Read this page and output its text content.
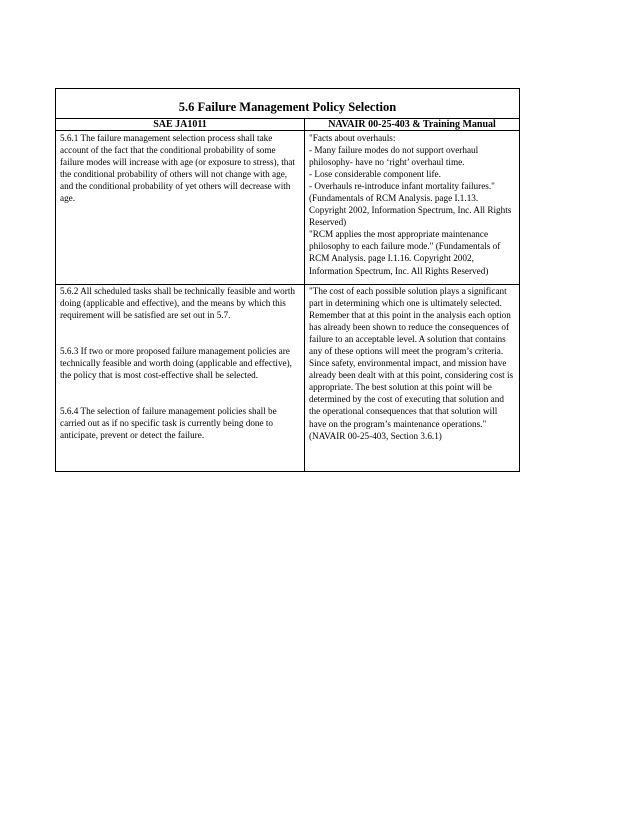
5.6 Failure Management Policy Selection
SAE JA1011	NAVAIR 00-25-403 & Training Manual

5.6.1 The failure management selection process shall take account of the fact that the conditional probability of some failure modes will increase with age (or exposure to stress), that the conditional probability of others will not change with age, and the conditional probability of yet others will decrease with age.

"Facts about overhauls:

- Many failure modes do not support overhaul philosophy- have no ‘right’ overhaul time.

- Lose considerable component life.

- Overhauls re-introduce infant mortality failures." (Fundamentals of RCM Analysis. page I.1.13. Copyright 2002, Information Spectrum, Inc. All Rights Reserved)

"RCM applies the most appropriate maintenance philosophy to each failure mode." (Fundamentals of RCM Analysis. page I.1.16. Copyright 2002, Information Spectrum, Inc. All Rights Reserved)

5.6.2 All scheduled tasks shall be technically feasible and worth doing (applicable and effective), and the means by which this requirement will be satisfied are set out in 5.7.

5.6.3 If two or more proposed failure management policies are technically feasible and worth doing (applicable and effective), the policy that is most cost-effective shall be selected.

5.6.4 The selection of failure management policies shall be carried out as if no specific task is currently being done to anticipate, prevent or detect the failure.

"The cost of each possible solution plays a significant part in determining which one is ultimately selected. Remember that at this point in the analysis each option has already been shown to reduce the consequences of failure to an acceptable level. A solution that contains any of these options will meet the program’s criteria. Since safety, environmental impact, and mission have already been dealt with at this point, considering cost is appropriate. The best solution at this point will be determined by the cost of executing that solution and the operational consequences that that solution will have on the program’s maintenance operations." (NAVAIR 00-25-403, Section 3.6.1)
